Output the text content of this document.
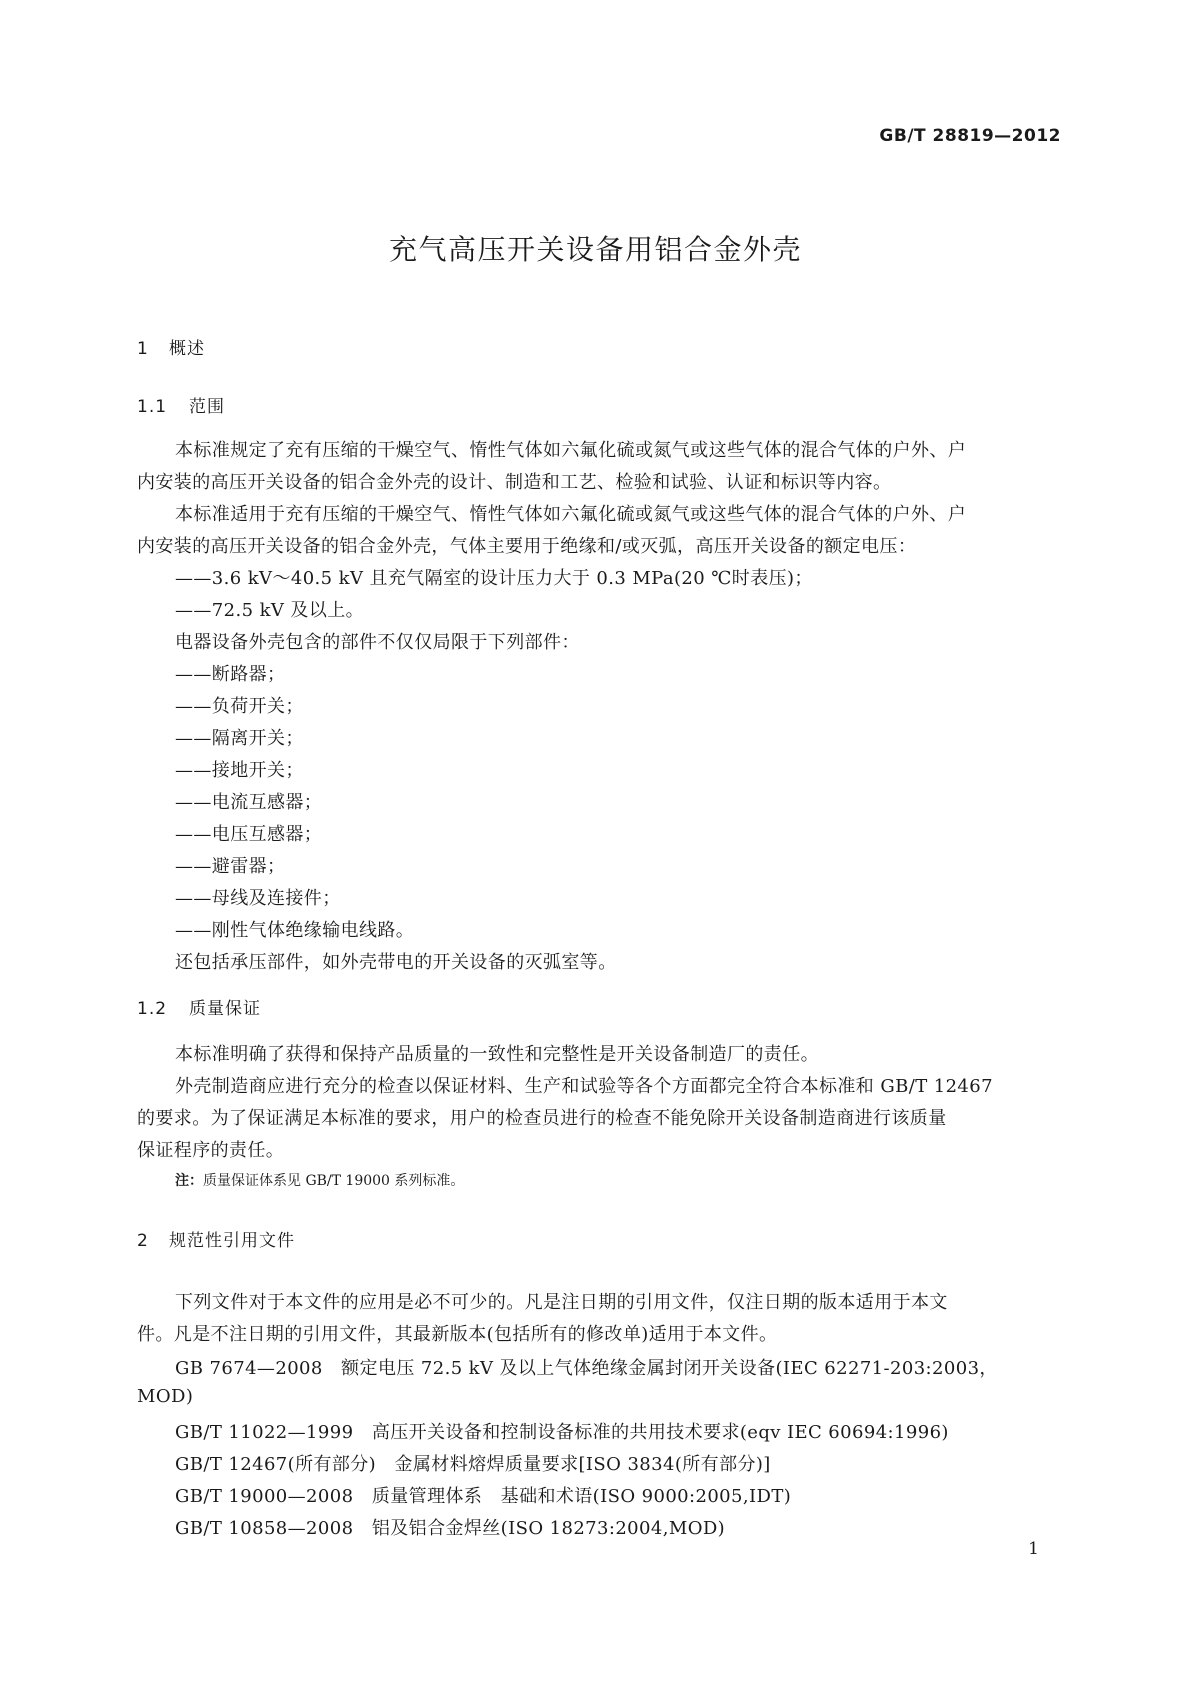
GB/T 28819—2012
充气高压开关设备用铝合金外壳
1 概述
1.1 范围
本标准规定了充有压缩的干燥空气、惰性气体如六氟化硫或氮气或这些气体的混合气体的户外、户
内安装的高压开关设备的铝合金外壳的设计、制造和工艺、检验和试验、认证和标识等内容。
本标准适用于充有压缩的干燥空气、惰性气体如六氟化硫或氮气或这些气体的混合气体的户外、户
内安装的高压开关设备的铝合金外壳，气体主要用于绝缘和/或灭弧，高压开关设备的额定电压：
——3.6 kV～40.5 kV 且充气隔室的设计压力大于 0.3 MPa(20 ℃时表压)；
——72.5 kV 及以上。
电器设备外壳包含的部件不仅仅局限于下列部件：
——断路器；
——负荷开关；
——隔离开关；
——接地开关；
——电流互感器；
——电压互感器；
——避雷器；
——母线及连接件；
——刚性气体绝缘输电线路。
还包括承压部件，如外壳带电的开关设备的灭弧室等。
1.2 质量保证
本标准明确了获得和保持产品质量的一致性和完整性是开关设备制造厂的责任。
外壳制造商应进行充分的检查以保证材料、生产和试验等各个方面都完全符合本标准和 GB/T 12467
的要求。为了保证满足本标准的要求，用户的检查员进行的检查不能免除开关设备制造商进行该质量
保证程序的责任。
注：质量保证体系见 GB/T 19000 系列标准。
2 规范性引用文件
下列文件对于本文件的应用是必不可少的。凡是注日期的引用文件，仅注日期的版本适用于本文
件。凡是不注日期的引用文件，其最新版本(包括所有的修改单)适用于本文件。
GB 7674—2008　额定电压 72.5 kV 及以上气体绝缘金属封闭开关设备(IEC 62271-203:2003，
MOD)
GB/T 11022—1999　高压开关设备和控制设备标准的共用技术要求(eqv IEC 60694:1996)
GB/T 12467(所有部分)　金属材料熔焊质量要求[ISO 3834(所有部分)]
GB/T 19000—2008　质量管理体系　基础和术语(ISO 9000:2005,IDT)
GB/T 10858—2008　铝及铝合金焊丝(ISO 18273:2004,MOD)
1
